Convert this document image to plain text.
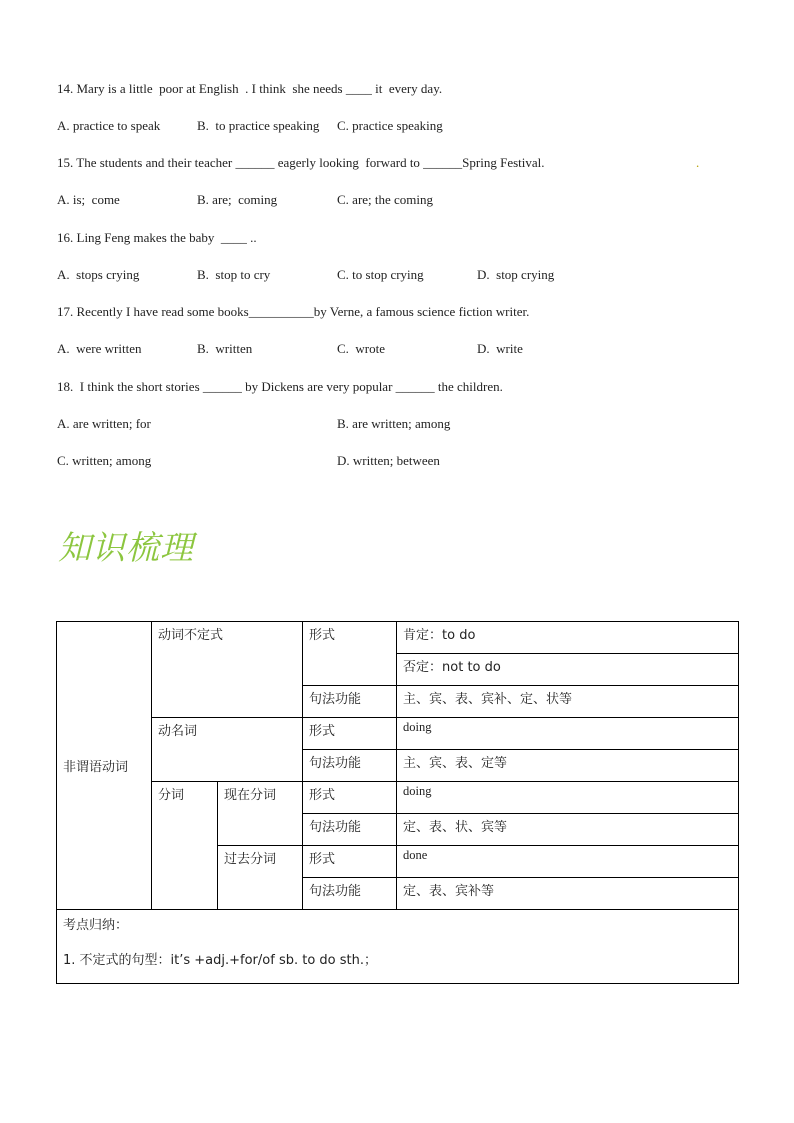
14. Mary is a little  poor at English  . I think  she needs ____ it  every day.
A. practice to speak	B.  to practice speaking C. practice speaking
15. The students and their teacher ______ eagerly looking  forward to ______Spring Festival.	.
A. is;  come	B. are;  coming	C. are; the coming
16. Ling Feng makes the baby  ____ ..
A.  stops crying	B.  stop to cry	C. to stop crying	D.  stop crying
17. Recently I have read some books__________by Verne, a famous science fiction writer.
A.  were written	B.  written	C.  wrote	D.  write
18.  I think the short stories ______ by Dickens are very popular ______ the children.
A. are written; for	B. are written; among
C. written; among	D. written; between
知识梳理
非谓语动词	动词不定式		形式	肯定：to do
				否定：not to do
			句法功能	主、宾、表、宾补、定、状等
	动名词		形式	doing
			句法功能	主、宾、表、定等
	分词	现在分词	形式	doing
			句法功能	定、表、状、宾等
		过去分词	形式	done
			句法功能	定、表、宾补等

考点归纳：
1. 不定式的句型：it’s +adj.+for/of sb. to do sth.；				
